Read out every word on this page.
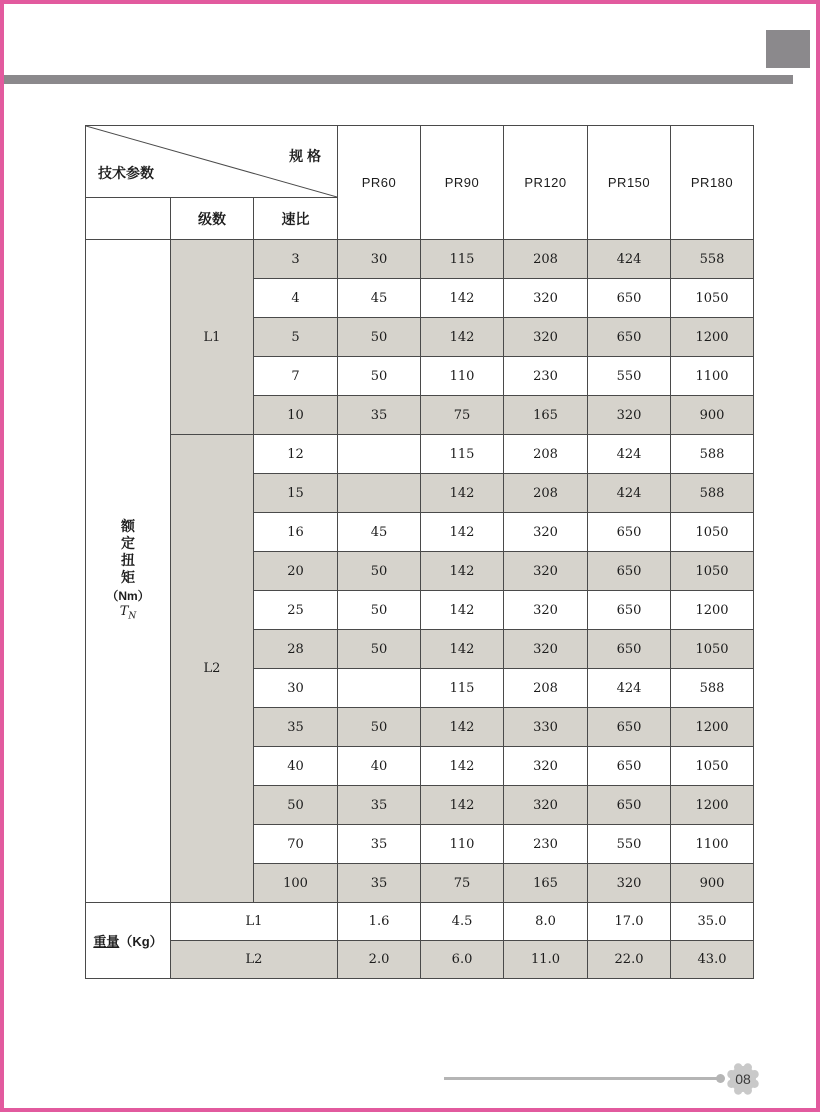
规 格
技术参数			PR60	PR90	PR120	PR150	PR180
	级数	速比					

额
定
扭
矩
（Nm）
$T_N$
	L1	3	30	115	208	424	558
		4	45	142	320	650	1050
		5	50	142	320	650	1200
		7	50	110	230	550	1100
		10	35	75	165	320	900
	L2	12		115	208	424	588
		15		142	208	424	588
		16	45	142	320	650	1050
		20	50	142	320	650	1050
		25	50	142	320	650	1200
		28	50	142	320	650	1050
		30		115	208	424	588
		35	50	142	330	650	1200
		40	40	142	320	650	1050
		50	35	142	320	650	1200
		70	35	110	230	550	1100
		100	35	75	165	320	900
重量（Kg）	L1		1.6	4.5	8.0	17.0	35.0
	L2		2.0	6.0	11.0	22.0	43.0
08
